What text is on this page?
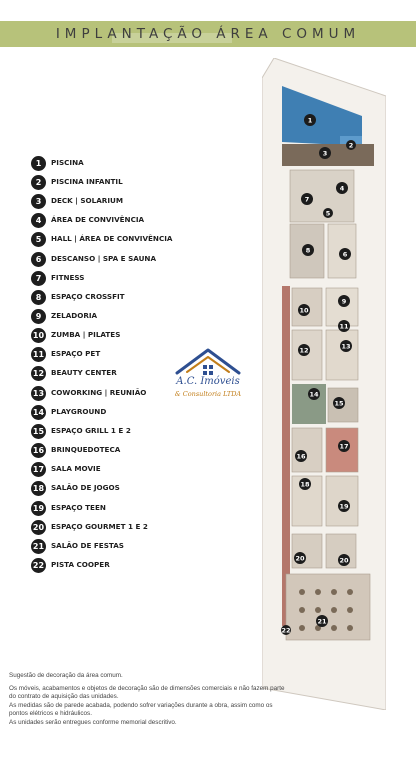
IMPLANTAÇÃO ÁREA COMUM
1	PISCINA
2	PISCINA INFANTIL
3	DECK | SOLARIUM
4	ÁREA DE CONVIVÊNCIA
5	HALL | ÁREA DE CONVIVÊNCIA
6	DESCANSO | SPA E SAUNA
7	FITNESS
8	ESPAÇO CROSSFIT
9	ZELADORIA
10 ZUMBA | PILATES
11 ESPAÇO PET
12 BEAUTY CENTER
13 COWORKING | REUNIÃO
14 PLAYGROUND
15 ESPAÇO GRILL 1 E 2
16 BRINQUEDOTECA
17 SALA MOVIE
18 SALÃO DE JOGOS
19 ESPAÇO TEEN
20 ESPAÇO GOURMET 1 E 2
21 SALÃO DE FESTAS
22 PISTA COOPER
1
2
3
4
5
6
7
8
9
10
11
12	13
14
15
16
17
18
19
20	20
21
22
A.C. Imóveis
& Consultoria LTDA

Sugestão de decoração da área comum.

Os móveis, acabamentos e objetos de decoração são de dimensões comerciais e não fazem parte do contrato de aquisição das unidades.

As medidas são de parede acabada, podendo sofrer variações durante a obra, assim como os pontos elétricos e hidráulicos.

As unidades serão entregues conforme memorial descritivo.
